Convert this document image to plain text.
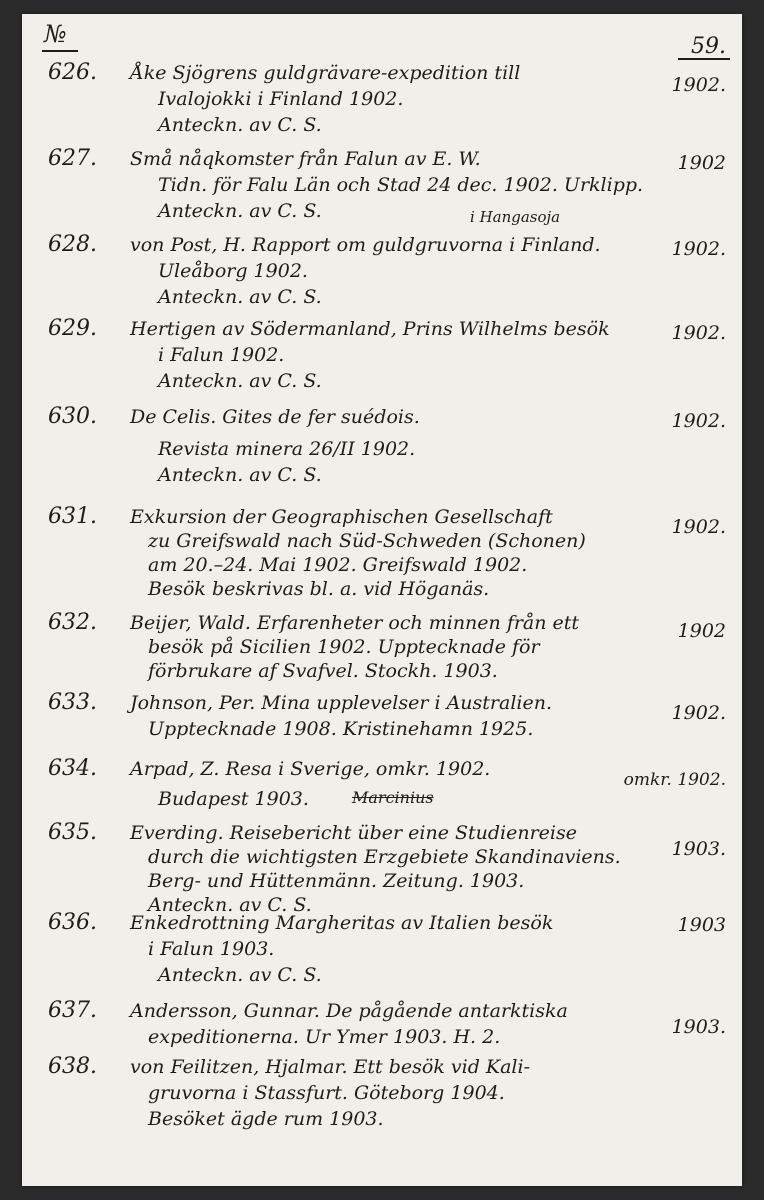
№	59.
626. Åke Sjögrens guldgrävare-expedition till
Ivalojokki i Finland 1902.
Anteckn. av C. S.
1902.
627. Små nåqkomster från Falun av E. W.
Tidn. för Falu Län och Stad 24 dec. 1902. Urklipp.
Anteckn. av C. S.
1902
i Hangasoja
628. von Post, H. Rapport om guldgruvorna i Finland.
Uleåborg 1902.
Anteckn. av C. S.
1902.
629. Hertigen av Södermanland, Prins Wilhelms besök
i Falun 1902.
Anteckn. av C. S.
1902.
630. De Celis. Gites de fer suédois.
Revista minera 26/II 1902.
Anteckn. av C. S.
1902.
631. Exkursion der Geographischen Gesellschaft
zu Greifswald nach Süd-Schweden (Schonen)
am 20.–24. Mai 1902. Greifswald 1902.
Besök beskrivas bl. a. vid Höganäs.
1902.
632. Beijer, Wald. Erfarenheter och minnen från ett
besök på Sicilien 1902. Upptecknade för
förbrukare af Svafvel. Stockh. 1903.
1902
633. Johnson, Per. Mina upplevelser i Australien.
Upptecknade 1908. Kristinehamn 1925.
1902.
634. Arpad, Z. Resa i Sverige, omkr. 1902.
Budapest 1903.	Marcinius
omkr. 1902.
635. Everding. Reisebericht über eine Studienreise
durch die wichtigsten Erzgebiete Skandinaviens.
Berg- und Hüttenmänn. Zeitung. 1903.
Anteckn. av C. S.
1903.
636. Enkedrottning Margheritas av Italien besök
i Falun 1903.
Anteckn. av C. S.
1903
637. Andersson, Gunnar. De pågående antarktiska
expeditionerna. Ur Ymer 1903. H. 2.	1903.
638. von Feilitzen, Hjalmar. Ett besök vid Kali-
gruvorna i Stassfurt. Göteborg 1904.
Besöket ägde rum 1903.
